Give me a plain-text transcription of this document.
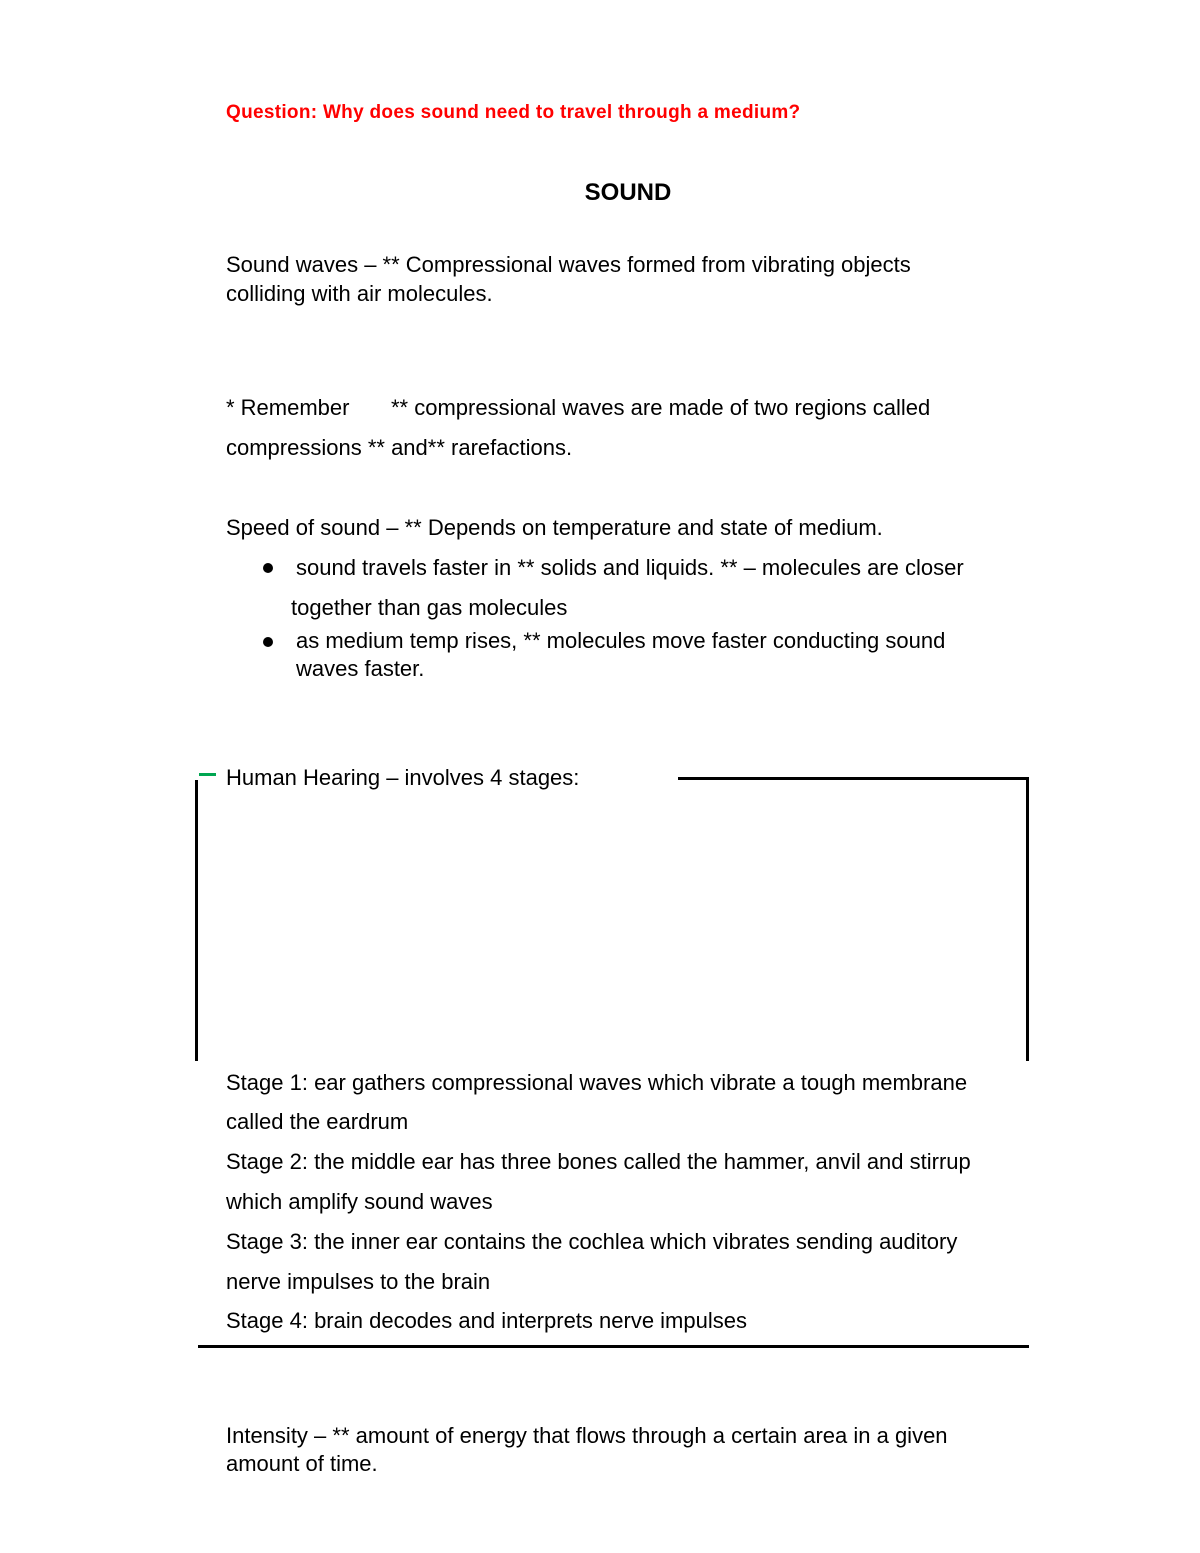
Question: Why does sound need to travel through a medium?
SOUND
Sound waves – ** Compressional waves formed from vibrating objects
colliding with air molecules.
* Remember ** compressional waves are made of two regions called
compressions ** and** rarefactions.
Speed of sound – ** Depends on temperature and state of medium.
sound travels faster in ** solids and liquids. ** – molecules are closer
together than gas molecules
as medium temp rises, ** molecules move faster conducting sound
waves faster.
Human Hearing – involves 4 stages:
Stage 1: ear gathers compressional waves which vibrate a tough membrane
called the eardrum
Stage 2: the middle ear has three bones called the hammer, anvil and stirrup
which amplify sound waves
Stage 3: the inner ear contains the cochlea which vibrates sending auditory
nerve impulses to the brain
Stage 4: brain decodes and interprets nerve impulses
Intensity – ** amount of energy that flows through a certain area in a given
amount of time.
